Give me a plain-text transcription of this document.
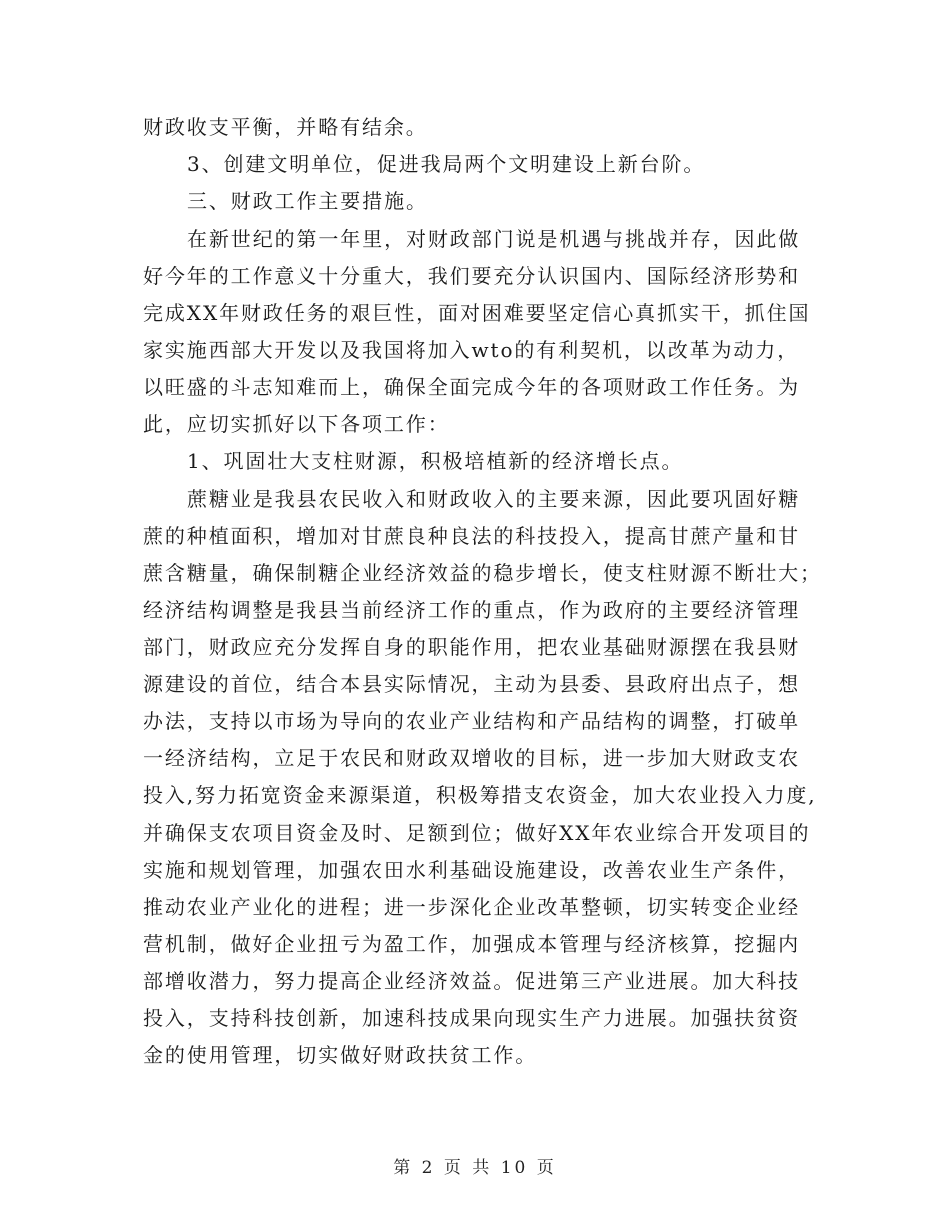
财政收支平衡，并略有结余。
3、创建文明单位，促进我局两个文明建设上新台阶。
三、财政工作主要措施。
在新世纪的第一年里，对财政部门说是机遇与挑战并存，因此做
好今年的工作意义十分重大，我们要充分认识国内、国际经济形势和
完成XX年财政任务的艰巨性，面对困难要坚定信心真抓实干，抓住国
家实施西部大开发以及我国将加入wto的有利契机，以改革为动力，
以旺盛的斗志知难而上，确保全面完成今年的各项财政工作任务。为
此，应切实抓好以下各项工作：
1、巩固壮大支柱财源，积极培植新的经济增长点。
蔗糖业是我县农民收入和财政收入的主要来源，因此要巩固好糖
蔗的种植面积，增加对甘蔗良种良法的科技投入，提高甘蔗产量和甘
蔗含糖量，确保制糖企业经济效益的稳步增长，使支柱财源不断壮大；
经济结构调整是我县当前经济工作的重点，作为政府的主要经济管理
部门，财政应充分发挥自身的职能作用，把农业基础财源摆在我县财
源建设的首位，结合本县实际情况，主动为县委、县政府出点子，想
办法，支持以市场为导向的农业产业结构和产品结构的调整，打破单
一经济结构，立足于农民和财政双增收的目标，进一步加大财政支农
投入,努力拓宽资金来源渠道，积极筹措支农资金，加大农业投入力度,
并确保支农项目资金及时、足额到位；做好XX年农业综合开发项目的
实施和规划管理，加强农田水利基础设施建设，改善农业生产条件，
推动农业产业化的进程；进一步深化企业改革整顿，切实转变企业经
营机制，做好企业扭亏为盈工作，加强成本管理与经济核算，挖掘内
部增收潜力，努力提高企业经济效益。促进第三产业进展。加大科技
投入，支持科技创新，加速科技成果向现实生产力进展。加强扶贫资
金的使用管理，切实做好财政扶贫工作。
第 2 页 共 10 页
